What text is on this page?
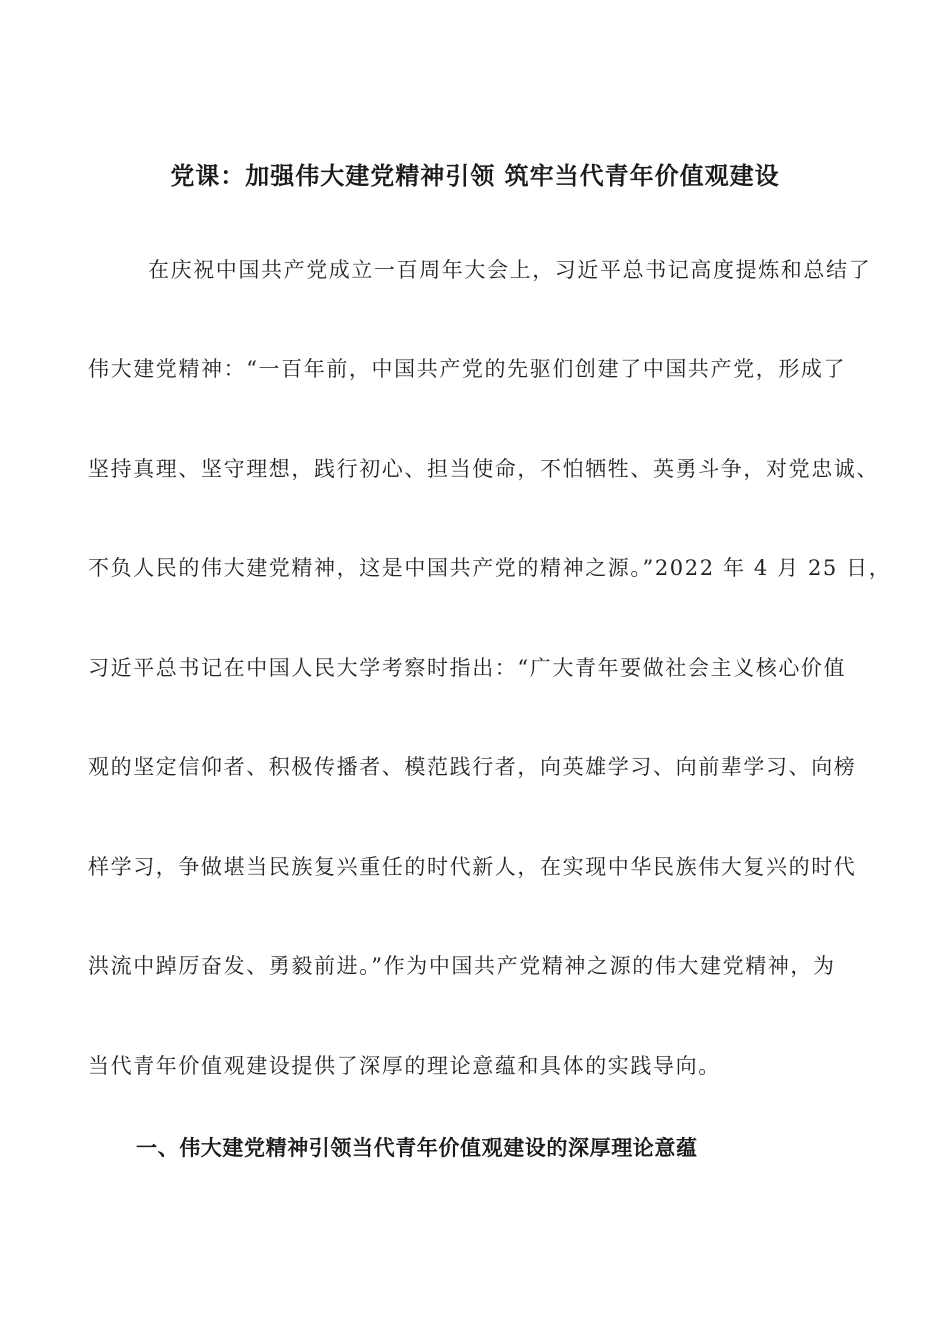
党课：加强伟大建党精神引领 筑牢当代青年价值观建设
在庆祝中国共产党成立一百周年大会上，习近平总书记高度提炼和总结了
伟大建党精神：“一百年前，中国共产党的先驱们创建了中国共产党，形成了
坚持真理、坚守理想，践行初心、担当使命，不怕牺牲、英勇斗争，对党忠诚、
不负人民的伟大建党精神，这是中国共产党的精神之源。”2022 年 4 月 25 日，
习近平总书记在中国人民大学考察时指出：“广大青年要做社会主义核心价值
观的坚定信仰者、积极传播者、模范践行者，向英雄学习、向前辈学习、向榜
样学习，争做堪当民族复兴重任的时代新人，在实现中华民族伟大复兴的时代
洪流中踔厉奋发、勇毅前进。”作为中国共产党精神之源的伟大建党精神，为
当代青年价值观建设提供了深厚的理论意蕴和具体的实践导向。
一、伟大建党精神引领当代青年价值观建设的深厚理论意蕴
